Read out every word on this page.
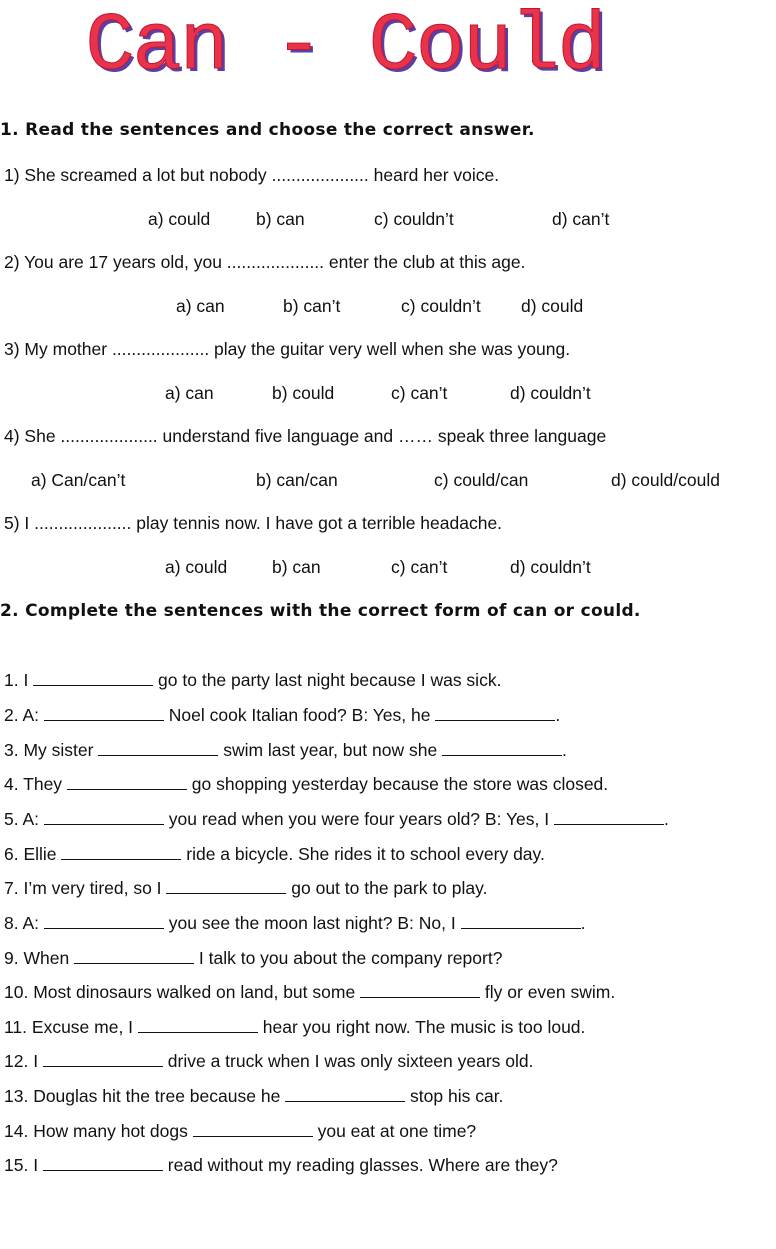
Can - Could
1. Read the sentences and choose the correct answer.
1) She screamed a lot but nobody .................... heard her voice.
a) could	b) can	c) couldn’t	d) can’t
2) You are 17 years old, you .................... enter the club at this age.
a) can	b) can’t	c) couldn’t d) could
3) My mother .................... play the guitar very well when she was young.
a) can	b) could	c) can’t	d) couldn’t
4) She .................... understand five language and …… speak three language
a) Can/can’t	b) can/can	c) could/can	d) could/could
5) I .................... play tennis now. I have got a terrible headache.
a) could	b) can	c) can’t	d) couldn’t
2. Complete the sentences with the correct form of can or could.
1. I	go to the party last night because I was sick.
2. A:	Noel cook Italian food? B: Yes, he	.
3. My sister	swim last year, but now she	.
4. They	go shopping yesterday because the store was closed.
5. A:	you read when you were four years old? B: Yes, I	.
6. Ellie	ride a bicycle. She rides it to school every day.
7. I’m very tired, so I	go out to the park to play.
8. A:	you see the moon last night? B: No, I	.
9. When	I talk to you about the company report?
10. Most dinosaurs walked on land, but some	fly or even swim.
11. Excuse me, I	hear you right now. The music is too loud.
12. I	drive a truck when I was only sixteen years old.
13. Douglas hit the tree because he	stop his car.
14. How many hot dogs	you eat at one time?
15. I	read without my reading glasses. Where are they?
